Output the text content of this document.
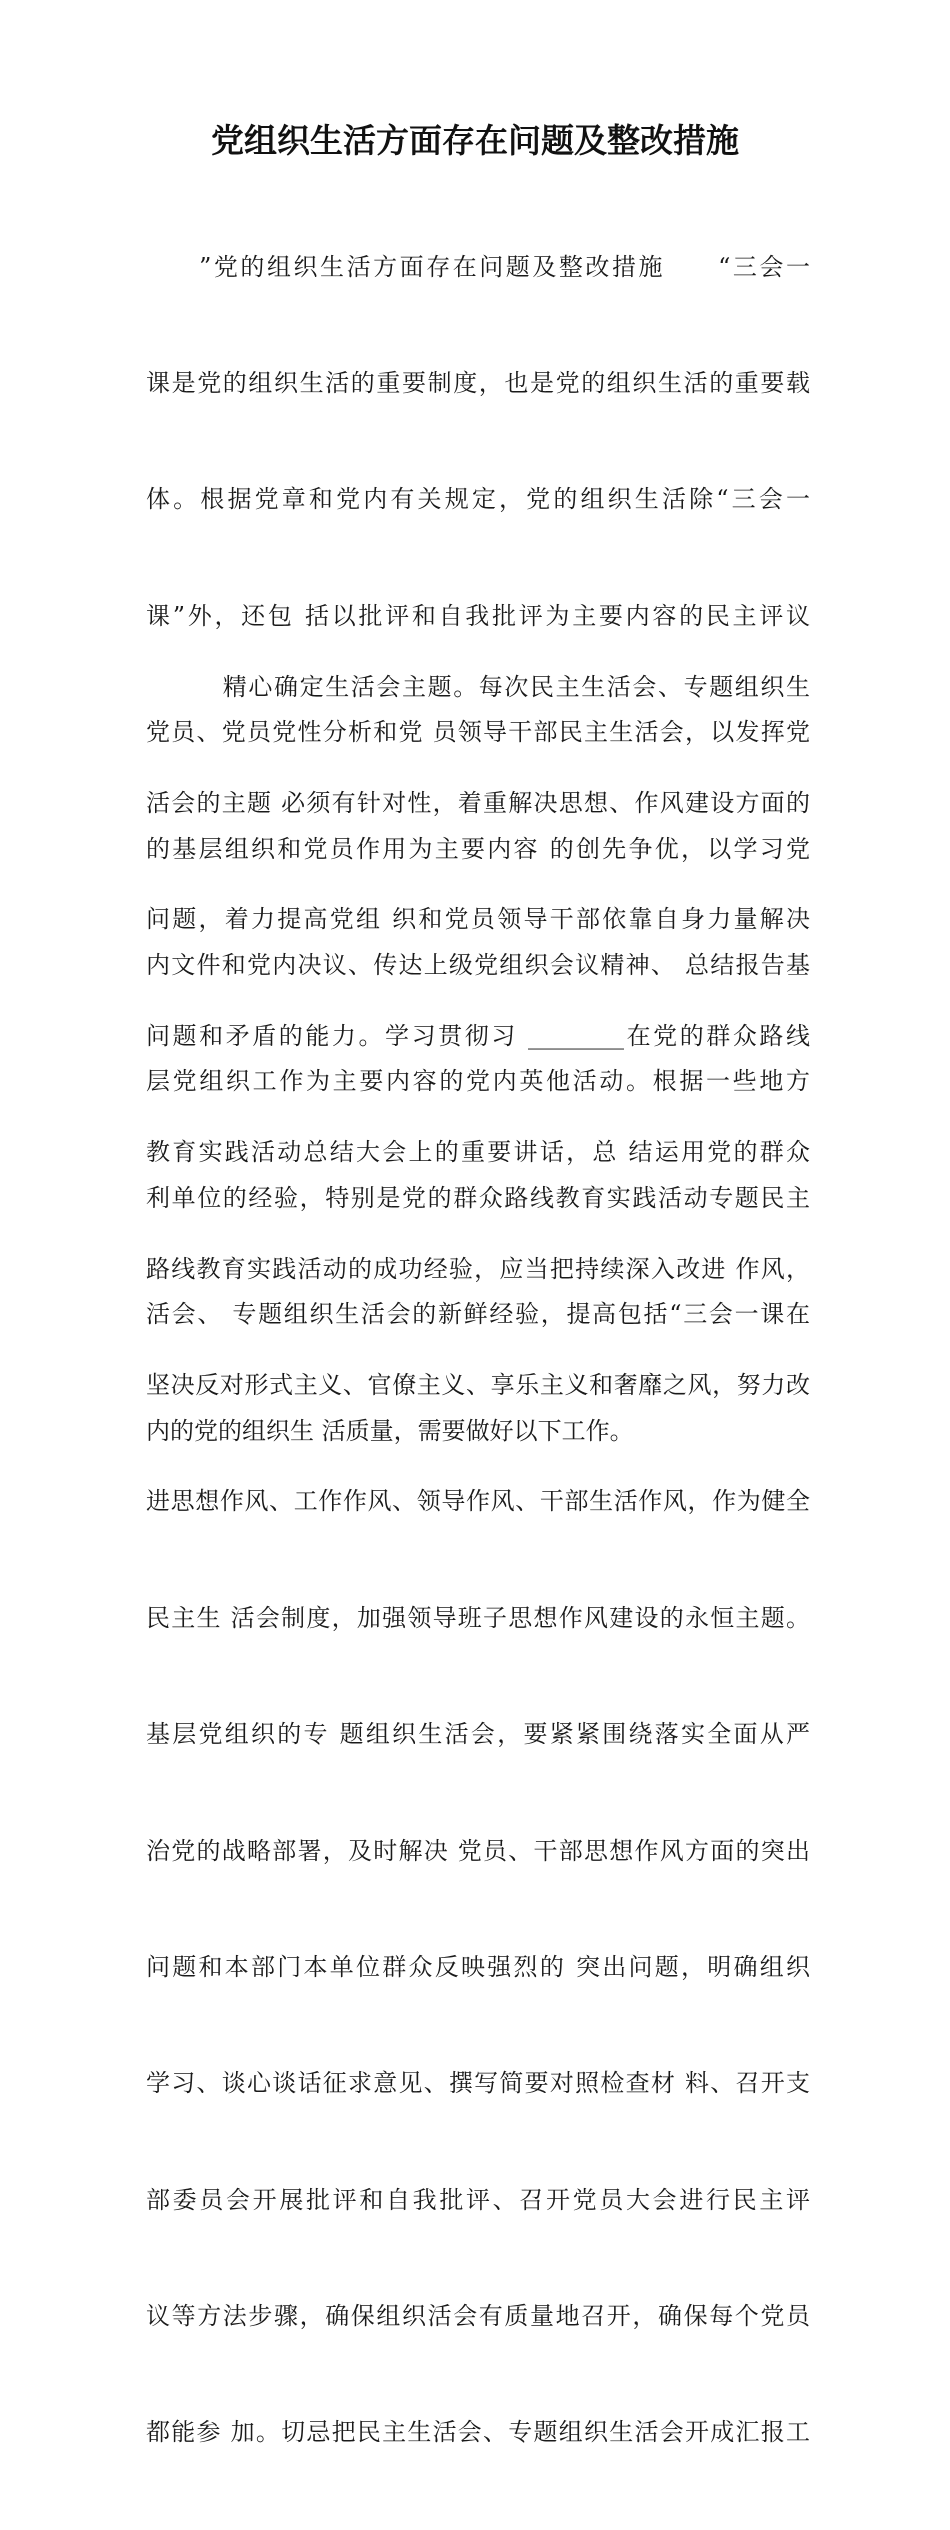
党组织生活方面存在问题及整改措施

　　”党的组织生活方面存在问题及整改措施　　“三会一

课是党的组织生活的重要制度，也是党的组织生活的重要载

体。根据党章和党内有关规定，党的组织生活除“三会一

课”外，还包 括以批评和自我批评为主要内容的民主评议

党员、党员党性分析和党 员领导干部民主生活会，以发挥党

的基层组织和党员作用为主要内容 的创先争优，以学习党

内文件和党内决议、传达上级党组织会议精神、 总结报告基

层党组织工作为主要内容的党内英他活动。根据一些地方

利单位的经验，特别是党的群众路线教育实践活动专题民主

活会、 专题组织生活会的新鲜经验，提高包括“三会一课在

内的党的组织生 活质量，需要做好以下工作。

　　　精心确定生活会主题。每次民主生活会、专题组织生

活会的主题 必须有针对性，着重解决思想、作风建设方面的

问题，着力提高党组 织和党员领导干部依靠自身力量解决

问题和矛盾的能力。学习贯彻习 ________在党的群众路线

教育实践活动总结大会上的重要讲话，总 结运用党的群众

路线教育实践活动的成功经验，应当把持续深入改进 作风，

坚决反对形式主义、官僚主义、享乐主义和奢靡之风，努力改

进思想作风、工作作风、领导作风、干部生活作风，作为健全

民主生 活会制度，加强领导班子思想作风建设的永恒主题。

基层党组织的专 题组织生活会，要紧紧围绕落实全面从严

治党的战略部署，及时解决 党员、干部思想作风方面的突出

问题和本部门本单位群众反映强烈的 突出问题，明确组织

学习、谈心谈话征求意见、撰写简要对照检查材 料、召开支

部委员会开展批评和自我批评、召开党员大会进行民主评

议等方法步骤，确保组织活会有质量地召开，确保每个党员

都能参 加。切忌把民主生活会、专题组织生活会开成汇报工
